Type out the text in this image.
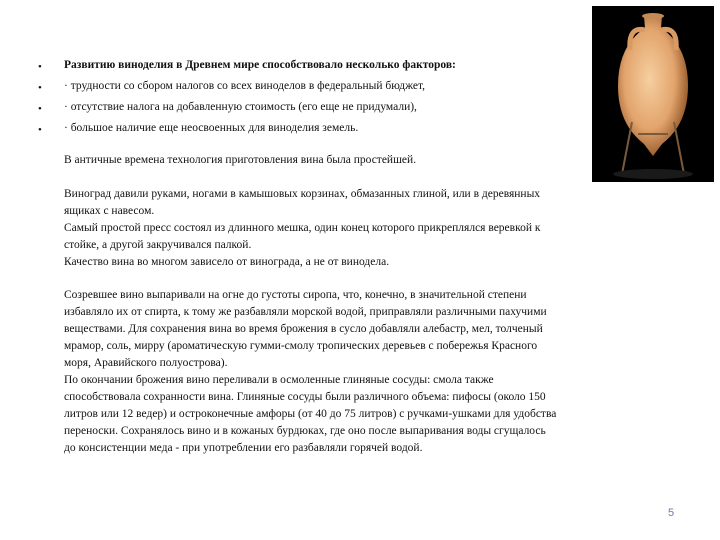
•
•
•
•
Развитию виноделия в Древнем мире способствовало несколько факторов:
· трудности со сбором налогов со всех виноделов в федеральный бюджет,
· отсутствие налога на добавленную стоимость (его еще не придумали),
· большое наличие еще неосвоенных для виноделия земель.
В античные времена технология приготовления вина была простейшей.
Виноград давили руками, ногами в камышовых корзинах, обмазанных глиной, или в деревянных
ящиках с навесом.
Самый простой пресс состоял из длинного мешка, один конец которого прикреплялся веревкой к
стойке, а другой закручивался палкой.
Качество вина во многом зависело от винограда, а не от винодела.
Созревшее вино выпаривали на огне до густоты сиропа, что, конечно, в значительной степени
избавляло их от спирта, к тому же разбавляли морской водой, приправляли различными пахучими
веществами. Для сохранения вина во время брожения в сусло добавляли алебастр, мел, толченый
мрамор, соль, мирру (ароматическую гумми-смолу тропических деревьев с побережья Красного
моря, Аравийского полуострова).
По окончании брожения вино переливали в осмоленные глиняные сосуды: смола также
способствовала сохранности вина. Глиняные сосуды были различного объема: пифосы (около 150
литров или 12 ведер) и остроконечные амфоры (от 40 до 75 литров) с ручками-ушками для удобства
переноски. Сохранялось вино и в кожаных бурдюках, где оно после выпаривания воды сгущалось
до консистенции меда - при употреблении его разбавляли горячей водой.
5
